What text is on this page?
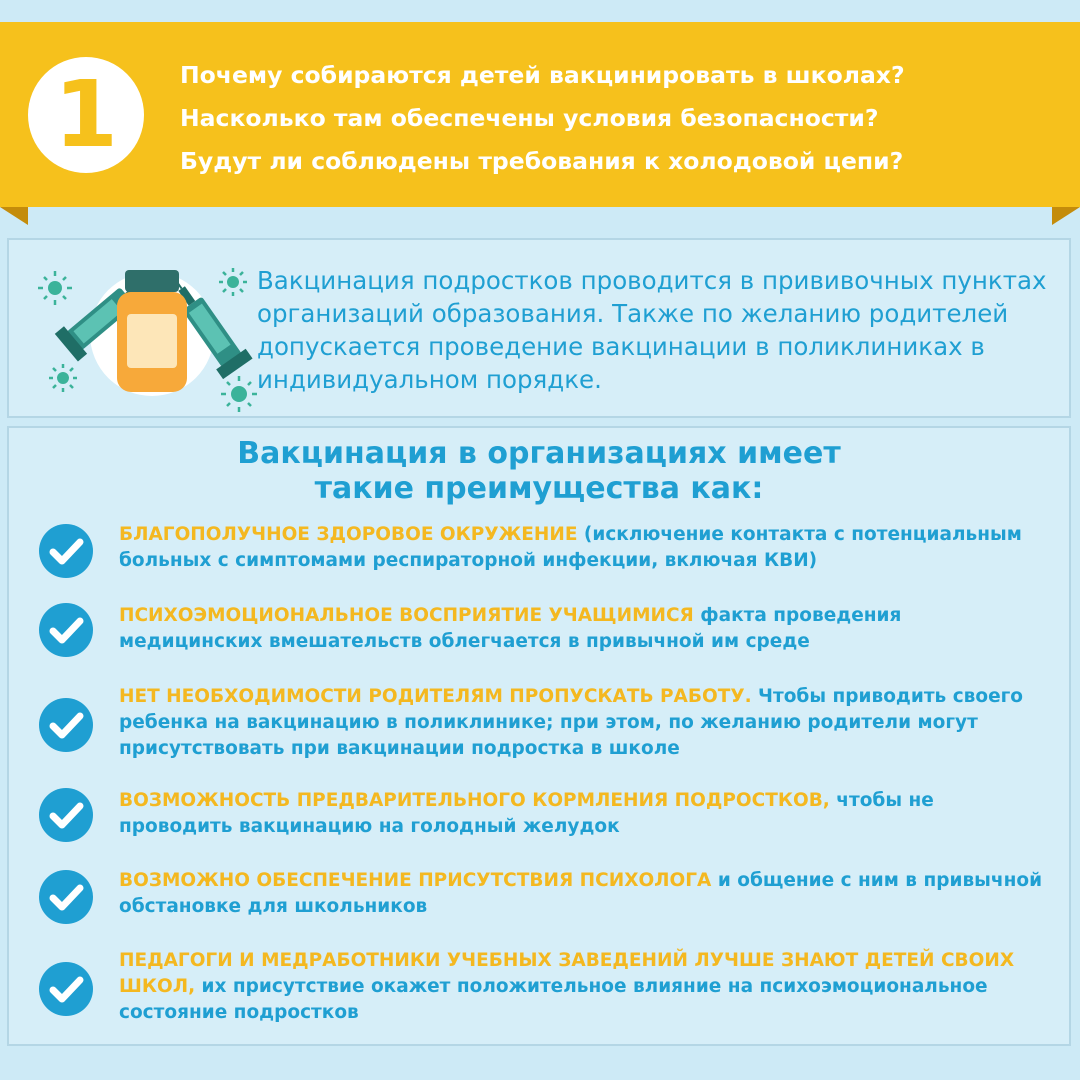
1	Почему собираются детей вакцинировать в школах?
Насколько там обеспечены условия безопасности?
Будут ли соблюдены требования к холодовой цепи?
Вакцинация подростков проводится в прививочных пунктах организаций образования. Также по желанию родителей допускается проведение вакцинации в поликлиниках в индивидуальном порядке.
Вакцинация в организациях имеет
такие преимущества как:
БЛАГОПОЛУЧНОЕ ЗДОРОВОЕ ОКРУЖЕНИЕ (исключение контакта с потенциальным больных с симптомами респираторной инфекции, включая КВИ)
ПСИХОЭМОЦИОНАЛЬНОЕ ВОСПРИЯТИЕ УЧАЩИМИСЯ факта проведения медицинских вмешательств облегчается в привычной им среде
НЕТ НЕОБХОДИМОСТИ РОДИТЕЛЯМ ПРОПУСКАТЬ РАБОТУ. Чтобы приводить своего ребенка на вакцинацию в поликлинике; при этом, по желанию родители могут присутствовать при вакцинации подростка в школе
ВОЗМОЖНОСТЬ ПРЕДВАРИТЕЛЬНОГО КОРМЛЕНИЯ ПОДРОСТКОВ, чтобы не проводить вакцинацию на голодный желудок
ВОЗМОЖНО ОБЕСПЕЧЕНИЕ ПРИСУТСТВИЯ ПСИХОЛОГА и общение с ним в привычной обстановке для школьников
ПЕДАГОГИ И МЕДРАБОТНИКИ УЧЕБНЫХ ЗАВЕДЕНИЙ ЛУЧШЕ ЗНАЮТ ДЕТЕЙ СВОИХ ШКОЛ, их присутствие окажет положительное влияние на психоэмоциональное состояние подростков
